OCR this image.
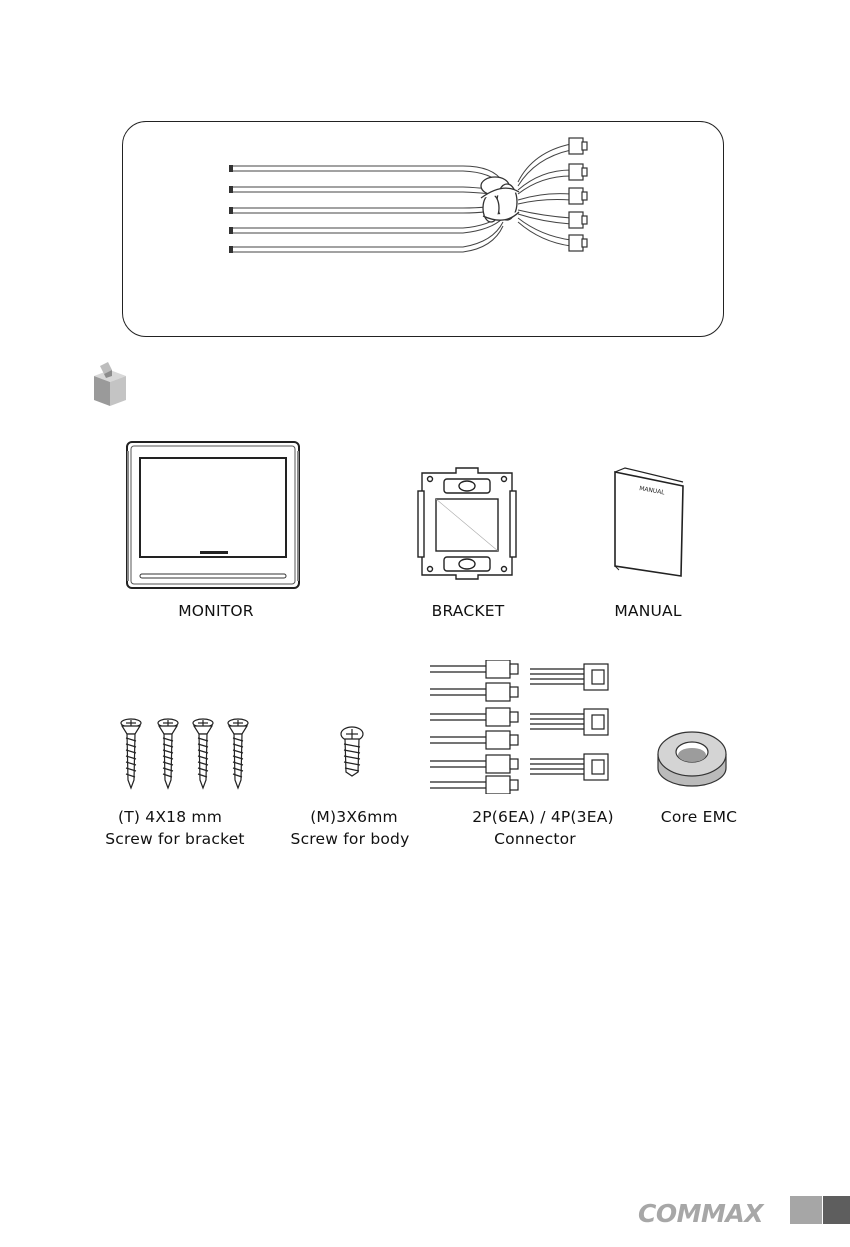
MANUAL
MONITOR	BRACKET	MANUAL
(T) 4X18 mm
Screw for bracket
(M)3X6mm
Screw for body
2P(6EA) / 4P(3EA)
Connector
Core EMC
COMMAX
